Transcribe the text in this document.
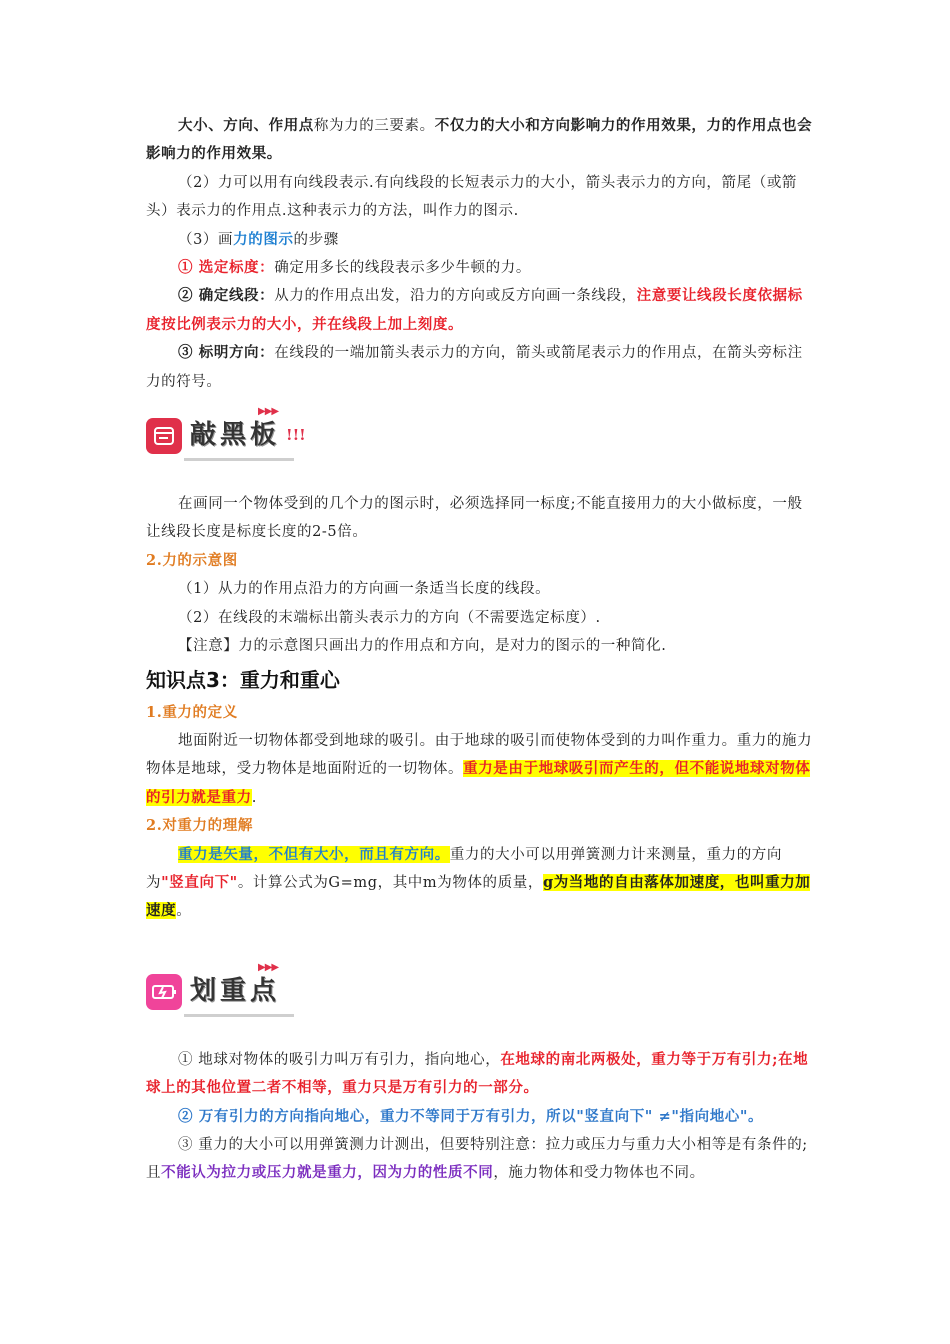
大小、方向、作用点称为力的三要素。不仅力的大小和方向影响力的作用效果，力的作用点也会影响力的作用效果。

（2）力可以用有向线段表示.有向线段的长短表示力的大小，箭头表示力的方向，箭尾（或箭头）表示力的作用点.这种表示力的方法，叫作力的图示.

（3）画力的图示的步骤

① 选定标度：确定用多长的线段表示多少牛顿的力。

② 确定线段：从力的作用点出发，沿力的方向或反方向画一条线段，注意要让线段长度依据标度按比例表示力的大小，并在线段上加上刻度。

③ 标明方向：在线段的一端加箭头表示力的方向，箭头或箭尾表示力的作用点，在箭头旁标注力的符号。

▶▶▶
敲黑板 !!!

在画同一个物体受到的几个力的图示时，必须选择同一标度;不能直接用力的大小做标度，一般让线段长度是标度长度的2-5倍。

2.力的示意图

（1）从力的作用点沿力的方向画一条适当长度的线段。

（2）在线段的末端标出箭头表示力的方向（不需要选定标度）.

【注意】力的示意图只画出力的作用点和方向，是对力的图示的一种简化.

知识点3：重力和重心

1.重力的定义

地面附近一切物体都受到地球的吸引。由于地球的吸引而使物体受到的力叫作重力。重力的施力物体是地球，受力物体是地面附近的一切物体。重力是由于地球吸引而产生的，但不能说地球对物体的引力就是重力.

2.对重力的理解

重力是矢量，不但有大小，而且有方向。重力的大小可以用弹簧测力计来测量，重力的方向为"竖直向下"。计算公式为G=mg，其中m为物体的质量，g为当地的自由落体加速度，也叫重力加速度。

▶▶▶
划重点

① 地球对物体的吸引力叫万有引力，指向地心，在地球的南北两极处，重力等于万有引力;在地球上的其他位置二者不相等，重力只是万有引力的一部分。

② 万有引力的方向指向地心，重力不等同于万有引力，所以"竖直向下" ≠"指向地心"。

③ 重力的大小可以用弹簧测力计测出，但要特别注意：拉力或压力与重力大小相等是有条件的;且不能认为拉力或压力就是重力，因为力的性质不同，施力物体和受力物体也不同。
